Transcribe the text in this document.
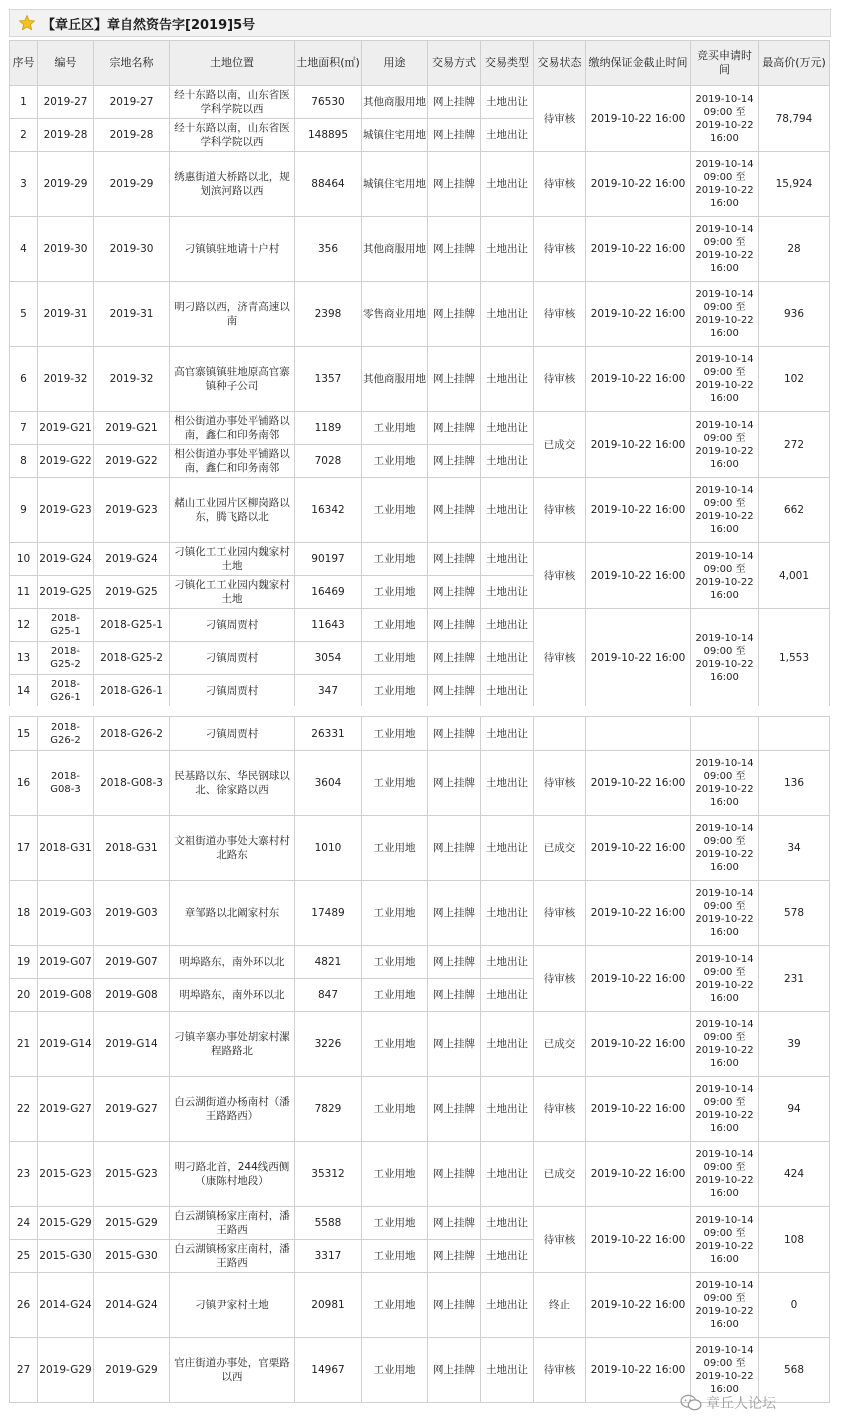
【章丘区】章自然资告字[2019]5号
序号	编号	宗地名称	土地位置	土地面积(㎡)	用途	交易方式	交易类型	交易状态	缴纳保证金截止时间	竞买申请时间	最高价(万元)
1	2019-27	2019-27	经十东路以南，山东省医学科学院以西	76530	其他商服用地	网上挂牌	土地出让	待审核	2019-10-22 16:00	2019-10-14 09:00 至 2019-10-22 16:00	78,794
2	2019-28	2019-28	经十东路以南，山东省医学科学院以西	148895	城镇住宅用地	网上挂牌	土地出让				
3	2019-29	2019-29	绣惠街道大桥路以北，规划滨河路以西	88464	城镇住宅用地	网上挂牌	土地出让	待审核	2019-10-22 16:00	2019-10-14 09:00 至 2019-10-22 16:00	15,924
4	2019-30	2019-30	刁镇镇驻地请十户村	356	其他商服用地	网上挂牌	土地出让	待审核	2019-10-22 16:00	2019-10-14 09:00 至 2019-10-22 16:00	28
5	2019-31	2019-31	明刁路以西，济青高速以南	2398	零售商业用地	网上挂牌	土地出让	待审核	2019-10-22 16:00	2019-10-14 09:00 至 2019-10-22 16:00	936
6	2019-32	2019-32	高官寨镇镇驻地原高官寨镇种子公司	1357	其他商服用地	网上挂牌	土地出让	待审核	2019-10-22 16:00	2019-10-14 09:00 至 2019-10-22 16:00	102
7	2019-G21	2019-G21	相公街道办事处平铺路以南，鑫仁和印务南邻	1189	工业用地	网上挂牌	土地出让	已成交	2019-10-22 16:00	2019-10-14 09:00 至 2019-10-22 16:00	272
8	2019-G22	2019-G22	相公街道办事处平铺路以南，鑫仁和印务南邻	7028	工业用地	网上挂牌	土地出让				
9	2019-G23	2019-G23	赭山工业园片区柳岗路以东，腾飞路以北	16342	工业用地	网上挂牌	土地出让	待审核	2019-10-22 16:00	2019-10-14 09:00 至 2019-10-22 16:00	662
10	2019-G24	2019-G24	刁镇化工工业园内魏家村土地	90197	工业用地	网上挂牌	土地出让	待审核	2019-10-22 16:00	2019-10-14 09:00 至 2019-10-22 16:00	4,001
11	2019-G25	2019-G25	刁镇化工工业园内魏家村土地	16469	工业用地	网上挂牌	土地出让				
12	2018-G25-1	2018-G25-1	刁镇周贾村	11643	工业用地	网上挂牌	土地出让	待审核	2019-10-22 16:00	2019-10-14 09:00 至 2019-10-22 16:00	1,553
13	2018-G25-2	2018-G25-2	刁镇周贾村	3054	工业用地	网上挂牌	土地出让				
14	2018-G26-1	2018-G26-1	刁镇周贾村	347	工业用地	网上挂牌	土地出让				
15	2018-G26-2	2018-G26-2	刁镇周贾村	26331	工业用地	网上挂牌	土地出让				
16	2018-G08-3	2018-G08-3	民基路以东、华民钢球以北、徐家路以西	3604	工业用地	网上挂牌	土地出让	待审核	2019-10-22 16:00	2019-10-14 09:00 至 2019-10-22 16:00	136
17	2018-G31	2018-G31	文祖街道办事处大寨村村北路东	1010	工业用地	网上挂牌	土地出让	已成交	2019-10-22 16:00	2019-10-14 09:00 至 2019-10-22 16:00	34
18	2019-G03	2019-G03	章邹路以北阚家村东	17489	工业用地	网上挂牌	土地出让	待审核	2019-10-22 16:00	2019-10-14 09:00 至 2019-10-22 16:00	578
19	2019-G07	2019-G07	明埠路东，南外环以北	4821	工业用地	网上挂牌	土地出让	待审核	2019-10-22 16:00	2019-10-14 09:00 至 2019-10-22 16:00	231
20	2019-G08	2019-G08	明埠路东，南外环以北	847	工业用地	网上挂牌	土地出让				
21	2019-G14	2019-G14	刁镇辛寨办事处胡家村漯程路路北	3226	工业用地	网上挂牌	土地出让	已成交	2019-10-22 16:00	2019-10-14 09:00 至 2019-10-22 16:00	39
22	2019-G27	2019-G27	白云湖街道办杨南村（潘王路路西）	7829	工业用地	网上挂牌	土地出让	待审核	2019-10-22 16:00	2019-10-14 09:00 至 2019-10-22 16:00	94
23	2015-G23	2015-G23	明刁路北首，244线西侧（康陈村地段）	35312	工业用地	网上挂牌	土地出让	已成交	2019-10-22 16:00	2019-10-14 09:00 至 2019-10-22 16:00	424
24	2015-G29	2015-G29	白云湖镇杨家庄南村，潘王路西	5588	工业用地	网上挂牌	土地出让	待审核	2019-10-22 16:00	2019-10-14 09:00 至 2019-10-22 16:00	108
25	2015-G30	2015-G30	白云湖镇杨家庄南村，潘王路西	3317	工业用地	网上挂牌	土地出让				
26	2014-G24	2014-G24	刁镇尹家村土地	20981	工业用地	网上挂牌	土地出让	终止	2019-10-22 16:00	2019-10-14 09:00 至 2019-10-22 16:00	0
27	2019-G29	2019-G29	官庄街道办事处，官栗路以西	14967	工业用地	网上挂牌	土地出让	待审核	2019-10-22 16:00	2019-10-14 09:00 至 2019-10-22 16:00	568
章丘人论坛
